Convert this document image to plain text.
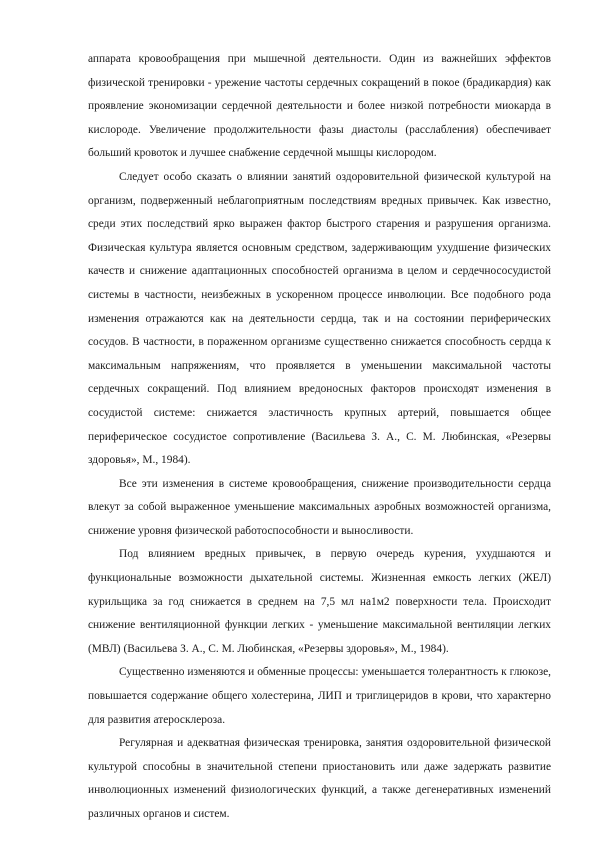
аппарата кровообращения при мышечной деятельности. Один из важнейших эффектов физической тренировки - урежение частоты сердечных сокращений в покое (брадикардия) как проявление экономизации сердечной деятельности и более низкой потребности миокарда в кислороде. Увеличение продолжительности фазы диастолы (расслабления) обеспечивает больший кровоток и лучшее снабжение сердечной мышцы кислородом.

Следует особо сказать о влиянии занятий оздоровительной физической культурой на организм, подверженный неблагоприятным последствиям вредных привычек. Как известно, среди этих последствий ярко выражен фактор быстрого старения и разрушения организма. Физическая культура является основным средством, задерживающим ухудшение физических качеств и снижение адаптационных способностей организма в целом и сердечнососудистой системы в частности, неизбежных в ускоренном процессе инволюции. Все подобного рода изменения отражаются как на деятельности сердца, так и на состоянии периферических сосудов. В частности, в пораженном организме существенно снижается способность сердца к максимальным напряжениям, что проявляется в уменьшении максимальной частоты сердечных сокращений. Под влиянием вредоносных факторов происходят изменения в сосудистой системе: снижается эластичность крупных артерий, повышается общее периферическое сосудистое сопротивление (Васильева З. А., С. М. Любинская, «Резервы здоровья», М., 1984).

Все эти изменения в системе кровообращения, снижение производительности сердца влекут за собой выраженное уменьшение максимальных аэробных возможностей организма, снижение уровня физической работоспособности и выносливости.

Под влиянием вредных привычек, в первую очередь курения, ухудшаются и функциональные возможности дыхательной системы. Жизненная емкость легких (ЖЕЛ) курильщика за год снижается в среднем на 7,5 мл на1м2 поверхности тела. Происходит снижение вентиляционной функции легких - уменьшение максимальной вентиляции легких (МВЛ) (Васильева З. А., С. М. Любинская, «Резервы здоровья», М., 1984).

Существенно изменяются и обменные процессы: уменьшается толерантность к глюкозе, повышается содержание общего холестерина, ЛИП и триглицеридов в крови, что характерно для развития атеросклероза.

Регулярная и адекватная физическая тренировка, занятия оздоровительной физической культурой способны в значительной степени приостановить или даже задержать развитие инволюционных изменений физиологических функций, а также дегенеративных изменений различных органов и систем.
